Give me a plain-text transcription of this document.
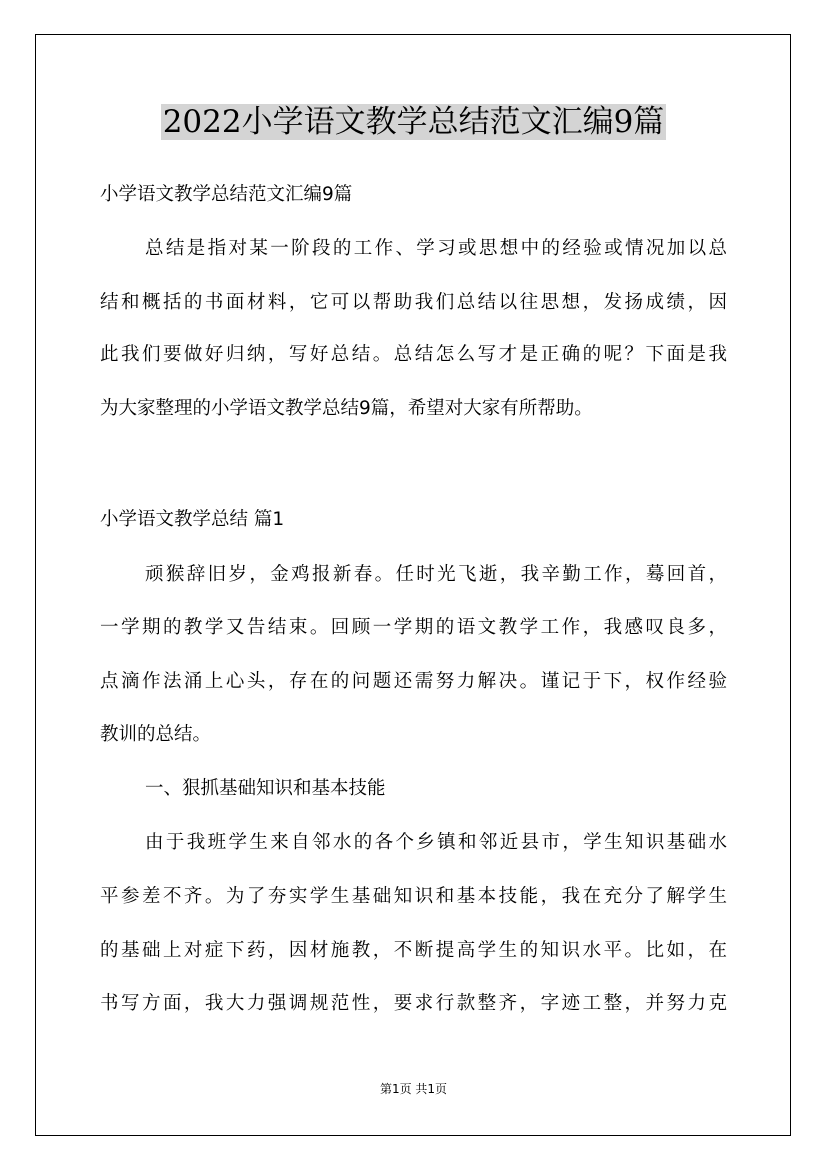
2022小学语文教学总结范文汇编9篇

小学语文教学总结范文汇编9篇

总结是指对某一阶段的工作、学习或思想中的经验或情况加以总

结和概括的书面材料，它可以帮助我们总结以往思想，发扬成绩，因

此我们要做好归纳，写好总结。总结怎么写才是正确的呢？下面是我

为大家整理的小学语文教学总结9篇，希望对大家有所帮助。

小学语文教学总结 篇1

顽猴辞旧岁，金鸡报新春。任时光飞逝，我辛勤工作，蓦回首，

一学期的教学又告结束。回顾一学期的语文教学工作，我感叹良多，

点滴作法涌上心头，存在的问题还需努力解决。谨记于下，权作经验

教训的总结。

一、狠抓基础知识和基本技能

由于我班学生来自邻水的各个乡镇和邻近县市，学生知识基础水

平参差不齐。为了夯实学生基础知识和基本技能，我在充分了解学生

的基础上对症下药，因材施教，不断提高学生的知识水平。比如，在

书写方面，我大力强调规范性，要求行款整齐，字迹工整，并努力克

第1页 共1页
